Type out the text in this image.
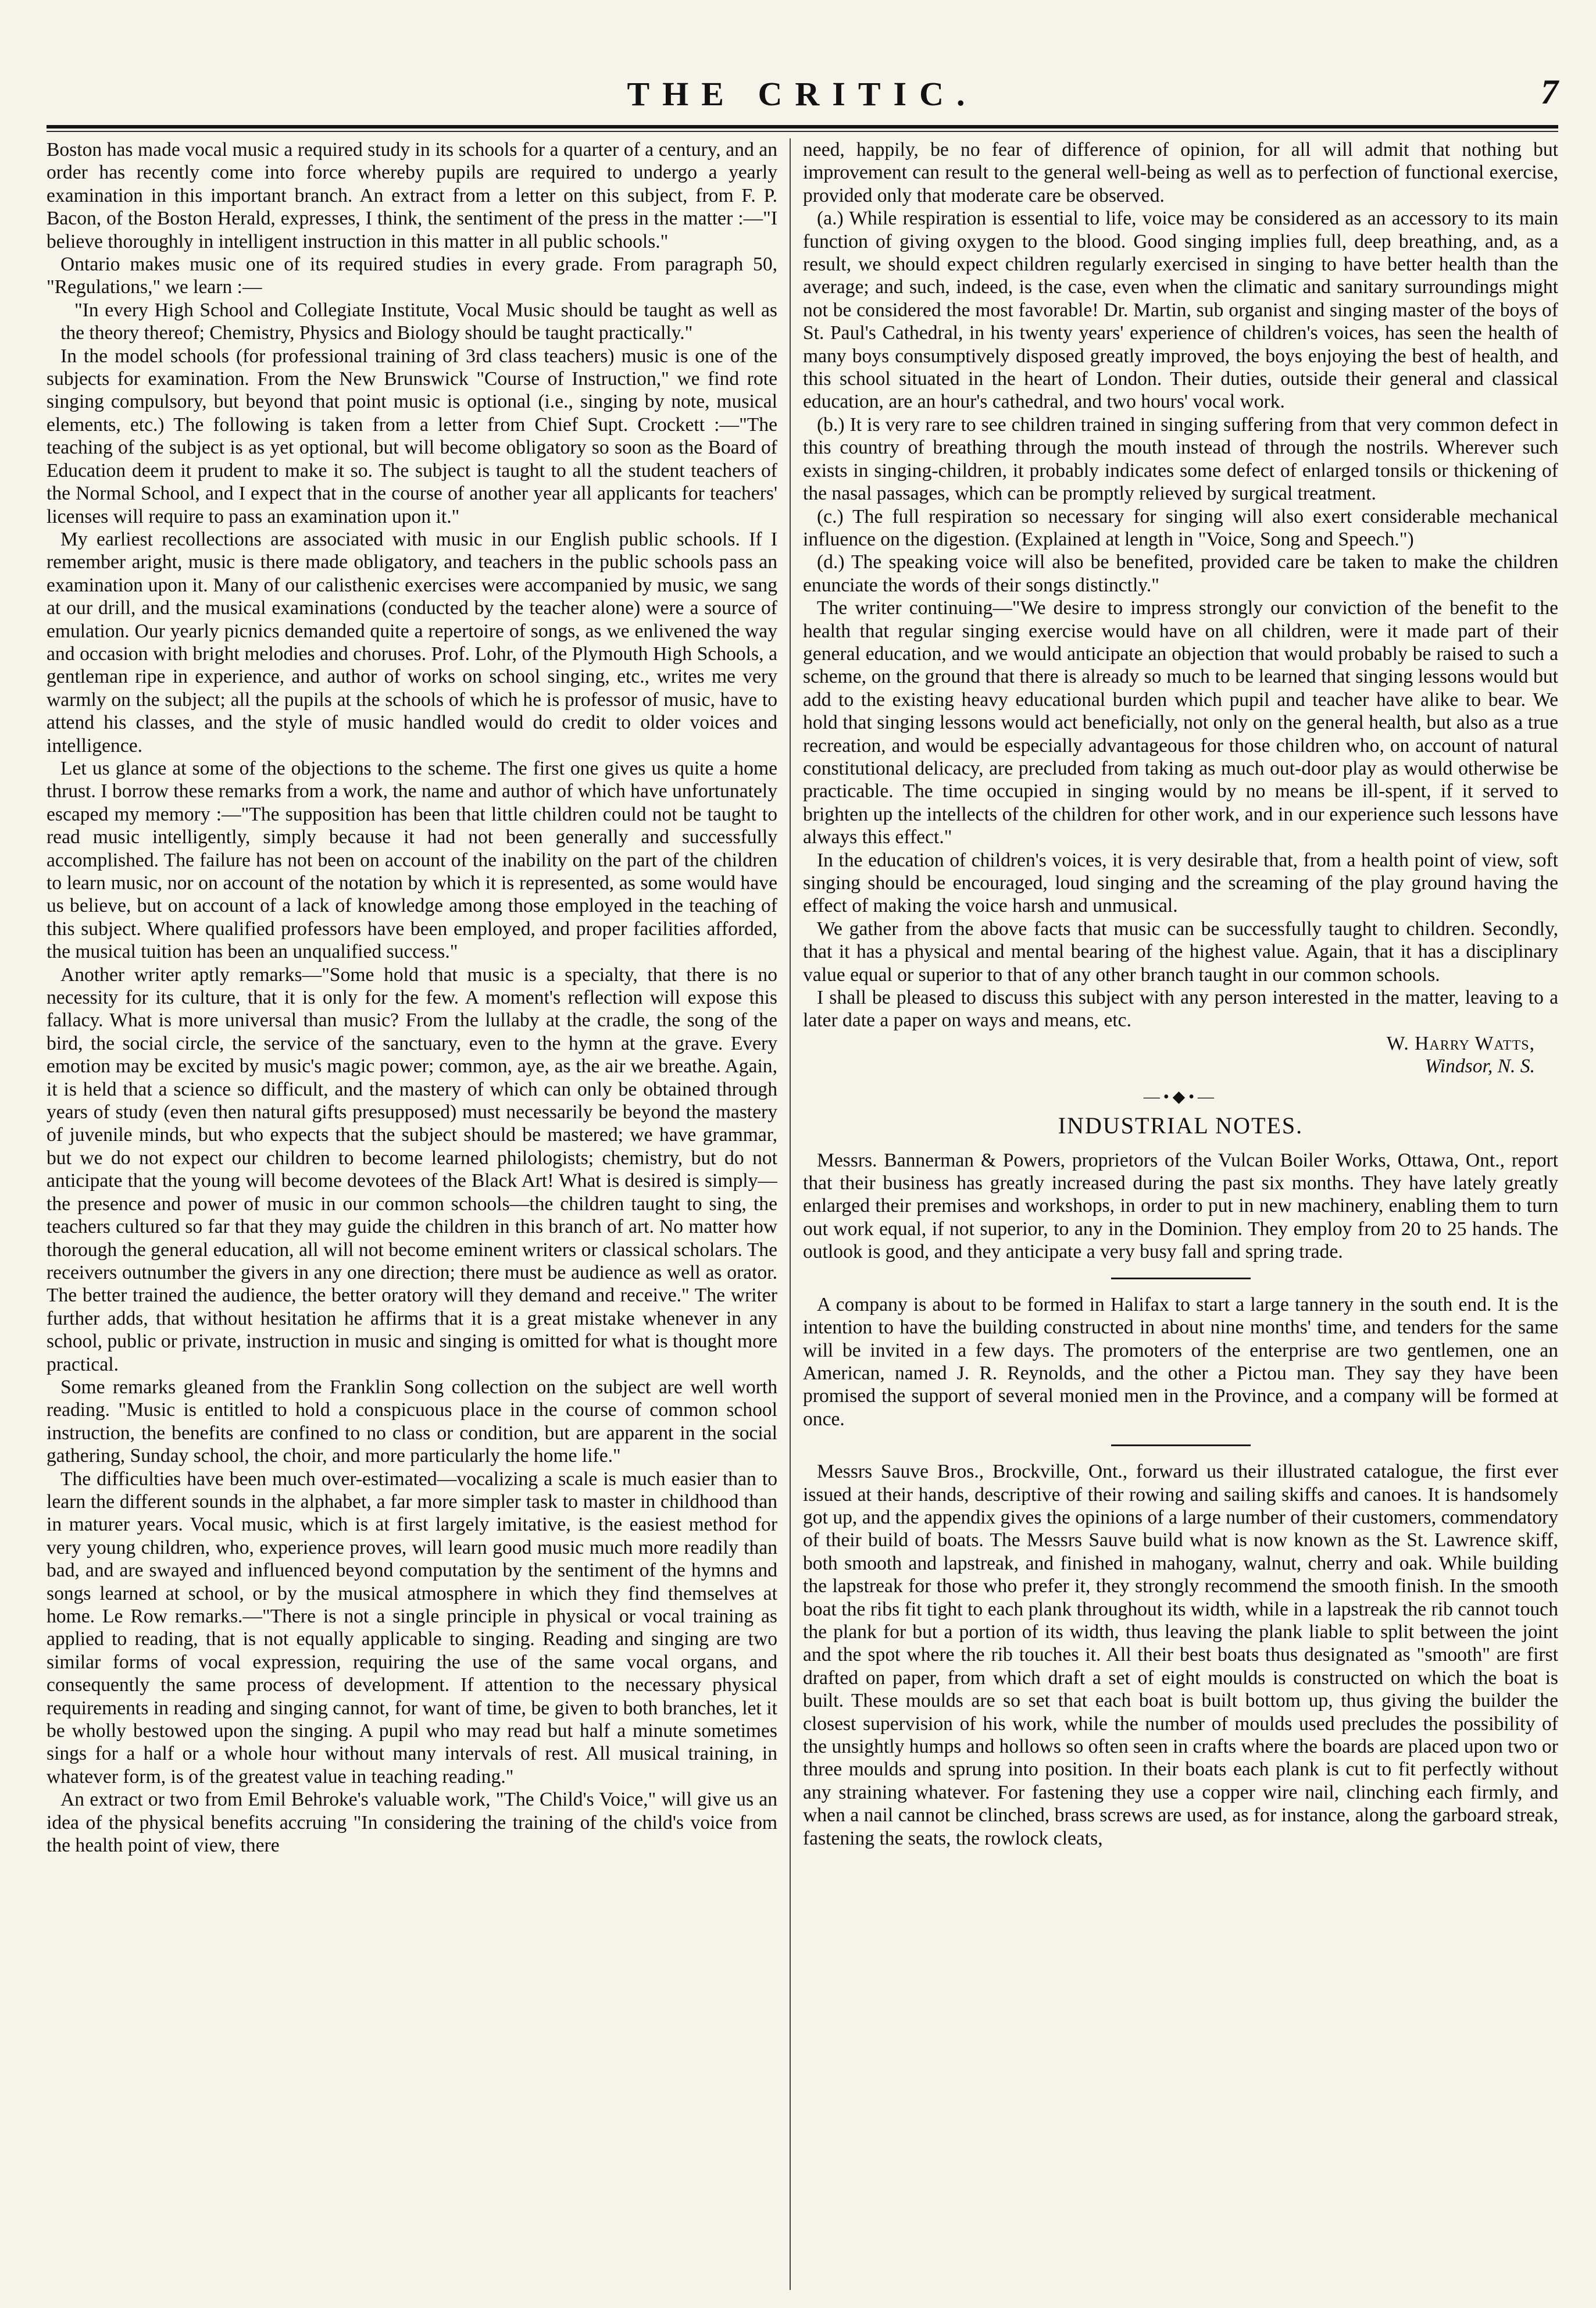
THE CRITIC.	7

Boston has made vocal music a required study in its schools for a quarter of a century, and an order has recently come into force whereby pupils are required to undergo a yearly examination in this important branch. An extract from a letter on this subject, from F. P. Bacon, of the Boston Herald, expresses, I think, the sentiment of the press in the matter :—"I believe thoroughly in intelligent instruction in this matter in all public schools."

Ontario makes music one of its required studies in every grade. From paragraph 50, "Regulations," we learn :—

"In every High School and Collegiate Institute, Vocal Music should be taught as well as the theory thereof; Chemistry, Physics and Biology should be taught practically."

In the model schools (for professional training of 3rd class teachers) music is one of the subjects for examination. From the New Brunswick "Course of Instruction," we find rote singing compulsory, but beyond that point music is optional (i.e., singing by note, musical elements, etc.) The following is taken from a letter from Chief Supt. Crockett :—"The teaching of the subject is as yet optional, but will become obligatory so soon as the Board of Education deem it prudent to make it so. The subject is taught to all the student teachers of the Normal School, and I expect that in the course of another year all applicants for teachers' licenses will require to pass an examination upon it."

My earliest recollections are associated with music in our English public schools. If I remember aright, music is there made obligatory, and teachers in the public schools pass an examination upon it. Many of our calisthenic exercises were accompanied by music, we sang at our drill, and the musical examinations (conducted by the teacher alone) were a source of emulation. Our yearly picnics demanded quite a repertoire of songs, as we enlivened the way and occasion with bright melodies and choruses. Prof. Lohr, of the Plymouth High Schools, a gentleman ripe in experience, and author of works on school singing, etc., writes me very warmly on the subject; all the pupils at the schools of which he is professor of music, have to attend his classes, and the style of music handled would do credit to older voices and intelligence.

Let us glance at some of the objections to the scheme. The first one gives us quite a home thrust. I borrow these remarks from a work, the name and author of which have unfortunately escaped my memory :—"The supposition has been that little children could not be taught to read music intelligently, simply because it had not been generally and successfully accomplished. The failure has not been on account of the inability on the part of the children to learn music, nor on account of the notation by which it is represented, as some would have us believe, but on account of a lack of knowledge among those employed in the teaching of this subject. Where qualified professors have been employed, and proper facilities afforded, the musical tuition has been an unqualified success."

Another writer aptly remarks—"Some hold that music is a specialty, that there is no necessity for its culture, that it is only for the few. A moment's reflection will expose this fallacy. What is more universal than music? From the lullaby at the cradle, the song of the bird, the social circle, the service of the sanctuary, even to the hymn at the grave. Every emotion may be excited by music's magic power; common, aye, as the air we breathe. Again, it is held that a science so difficult, and the mastery of which can only be obtained through years of study (even then natural gifts presupposed) must necessarily be beyond the mastery of juvenile minds, but who expects that the subject should be mastered; we have grammar, but we do not expect our children to become learned philologists; chemistry, but do not anticipate that the young will become devotees of the Black Art! What is desired is simply—the presence and power of music in our common schools—the children taught to sing, the teachers cultured so far that they may guide the children in this branch of art. No matter how thorough the general education, all will not become eminent writers or classical scholars. The receivers outnumber the givers in any one direction; there must be audience as well as orator. The better trained the audience, the better oratory will they demand and receive." The writer further adds, that without hesitation he affirms that it is a great mistake whenever in any school, public or private, instruction in music and singing is omitted for what is thought more practical.

Some remarks gleaned from the Franklin Song collection on the subject are well worth reading. "Music is entitled to hold a conspicuous place in the course of common school instruction, the benefits are confined to no class or condition, but are apparent in the social gathering, Sunday school, the choir, and more particularly the home life."

The difficulties have been much over-estimated—vocalizing a scale is much easier than to learn the different sounds in the alphabet, a far more simpler task to master in childhood than in maturer years. Vocal music, which is at first largely imitative, is the easiest method for very young children, who, experience proves, will learn good music much more readily than bad, and are swayed and influenced beyond computation by the sentiment of the hymns and songs learned at school, or by the musical atmosphere in which they find themselves at home. Le Row remarks.—"There is not a single principle in physical or vocal training as applied to reading, that is not equally applicable to singing. Reading and singing are two similar forms of vocal expression, requiring the use of the same vocal organs, and consequently the same process of development. If attention to the necessary physical requirements in reading and singing cannot, for want of time, be given to both branches, let it be wholly bestowed upon the singing. A pupil who may read but half a minute sometimes sings for a half or a whole hour without many intervals of rest. All musical training, in whatever form, is of the greatest value in teaching reading."

An extract or two from Emil Behroke's valuable work, "The Child's Voice," will give us an idea of the physical benefits accruing "In considering the training of the child's voice from the health point of view, there

need, happily, be no fear of difference of opinion, for all will admit that nothing but improvement can result to the general well-being as well as to perfection of functional exercise, provided only that moderate care be observed.

(a.) While respiration is essential to life, voice may be considered as an accessory to its main function of giving oxygen to the blood. Good singing implies full, deep breathing, and, as a result, we should expect children regularly exercised in singing to have better health than the average; and such, indeed, is the case, even when the climatic and sanitary surroundings might not be considered the most favorable! Dr. Martin, sub organist and singing master of the boys of St. Paul's Cathedral, in his twenty years' experience of children's voices, has seen the health of many boys consumptively disposed greatly improved, the boys enjoying the best of health, and this school situated in the heart of London. Their duties, outside their general and classical education, are an hour's cathedral, and two hours' vocal work.

(b.) It is very rare to see children trained in singing suffering from that very common defect in this country of breathing through the mouth instead of through the nostrils. Wherever such exists in singing-children, it probably indicates some defect of enlarged tonsils or thickening of the nasal passages, which can be promptly relieved by surgical treatment.

(c.) The full respiration so necessary for singing will also exert considerable mechanical influence on the digestion. (Explained at length in "Voice, Song and Speech.")

(d.) The speaking voice will also be benefited, provided care be taken to make the children enunciate the words of their songs distinctly."

The writer continuing—"We desire to impress strongly our conviction of the benefit to the health that regular singing exercise would have on all children, were it made part of their general education, and we would anticipate an objection that would probably be raised to such a scheme, on the ground that there is already so much to be learned that singing lessons would but add to the existing heavy educational burden which pupil and teacher have alike to bear. We hold that singing lessons would act beneficially, not only on the general health, but also as a true recreation, and would be especially advantageous for those children who, on account of natural constitutional delicacy, are precluded from taking as much out-door play as would otherwise be practicable. The time occupied in singing would by no means be ill-spent, if it served to brighten up the intellects of the children for other work, and in our experience such lessons have always this effect."

In the education of children's voices, it is very desirable that, from a health point of view, soft singing should be encouraged, loud singing and the screaming of the play ground having the effect of making the voice harsh and unmusical.

We gather from the above facts that music can be successfully taught to children. Secondly, that it has a physical and mental bearing of the highest value. Again, that it has a disciplinary value equal or superior to that of any other branch taught in our common schools.

I shall be pleased to discuss this subject with any person interested in the matter, leaving to a later date a paper on ways and means, etc.

W. Harry Watts,
Windsor, N. S.
—•◆•—
INDUSTRIAL NOTES.

Messrs. Bannerman & Powers, proprietors of the Vulcan Boiler Works, Ottawa, Ont., report that their business has greatly increased during the past six months. They have lately greatly enlarged their premises and workshops, in order to put in new machinery, enabling them to turn out work equal, if not superior, to any in the Dominion. They employ from 20 to 25 hands. The outlook is good, and they anticipate a very busy fall and spring trade.

A company is about to be formed in Halifax to start a large tannery in the south end. It is the intention to have the building constructed in about nine months' time, and tenders for the same will be invited in a few days. The promoters of the enterprise are two gentlemen, one an American, named J. R. Reynolds, and the other a Pictou man. They say they have been promised the support of several monied men in the Province, and a company will be formed at once.

Messrs Sauve Bros., Brockville, Ont., forward us their illustrated catalogue, the first ever issued at their hands, descriptive of their rowing and sailing skiffs and canoes. It is handsomely got up, and the appendix gives the opinions of a large number of their customers, commendatory of their build of boats. The Messrs Sauve build what is now known as the St. Lawrence skiff, both smooth and lapstreak, and finished in mahogany, walnut, cherry and oak. While building the lapstreak for those who prefer it, they strongly recommend the smooth finish. In the smooth boat the ribs fit tight to each plank throughout its width, while in a lapstreak the rib cannot touch the plank for but a portion of its width, thus leaving the plank liable to split between the joint and the spot where the rib touches it. All their best boats thus designated as "smooth" are first drafted on paper, from which draft a set of eight moulds is constructed on which the boat is built. These moulds are so set that each boat is built bottom up, thus giving the builder the closest supervision of his work, while the number of moulds used precludes the possibility of the unsightly humps and hollows so often seen in crafts where the boards are placed upon two or three moulds and sprung into position. In their boats each plank is cut to fit perfectly without any straining whatever. For fastening they use a copper wire nail, clinching each firmly, and when a nail cannot be clinched, brass screws are used, as for instance, along the garboard streak, fastening the seats, the rowlock cleats,
